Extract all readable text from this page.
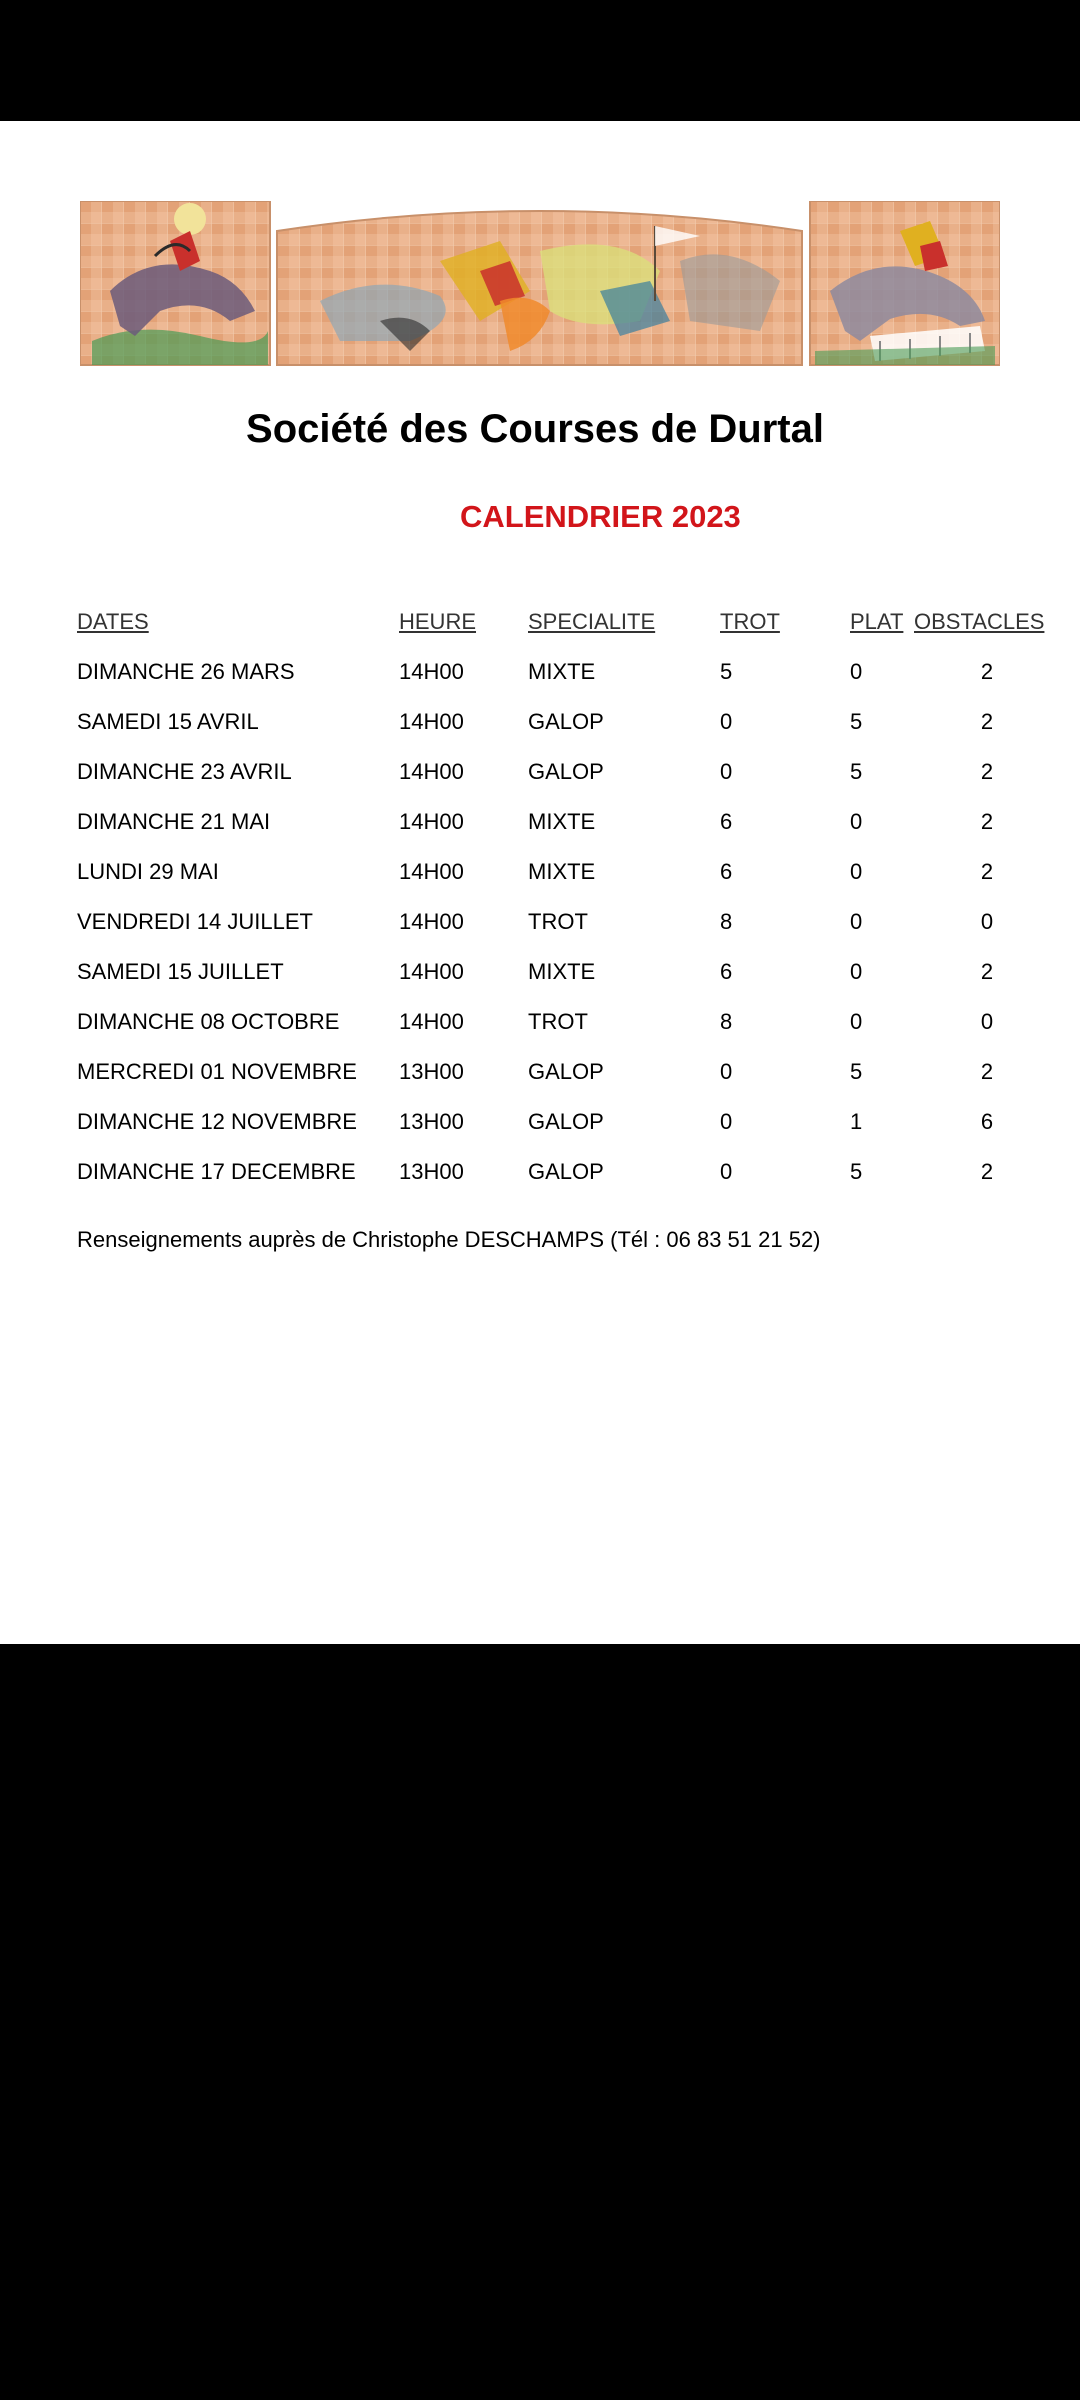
Société des Courses de Durtal
CALENDRIER 2023
DATES	HEURE SPECIALITE	TROT	PLAT OBSTACLES
DIMANCHE 26 MARS	14H00	MIXTE	5	0	2
SAMEDI 15 AVRIL	14H00	GALOP	0	5	2
DIMANCHE 23 AVRIL	14H00	GALOP	0	5	2
DIMANCHE 21 MAI	14H00	MIXTE	6	0	2
LUNDI 29 MAI	14H00	MIXTE	6	0	2
VENDREDI 14 JUILLET	14H00	TROT	8	0	0
SAMEDI 15 JUILLET	14H00	MIXTE	6	0	2
DIMANCHE 08 OCTOBRE	14H00	TROT	8	0	0
MERCREDI 01 NOVEMBRE 13H00	GALOP	0	5	2
DIMANCHE 12 NOVEMBRE 13H00	GALOP	0	1	6
DIMANCHE 17 DECEMBRE 13H00	GALOP	0	5	2
Renseignements auprès de Christophe DESCHAMPS (Tél : 06 83 51 21 52)
